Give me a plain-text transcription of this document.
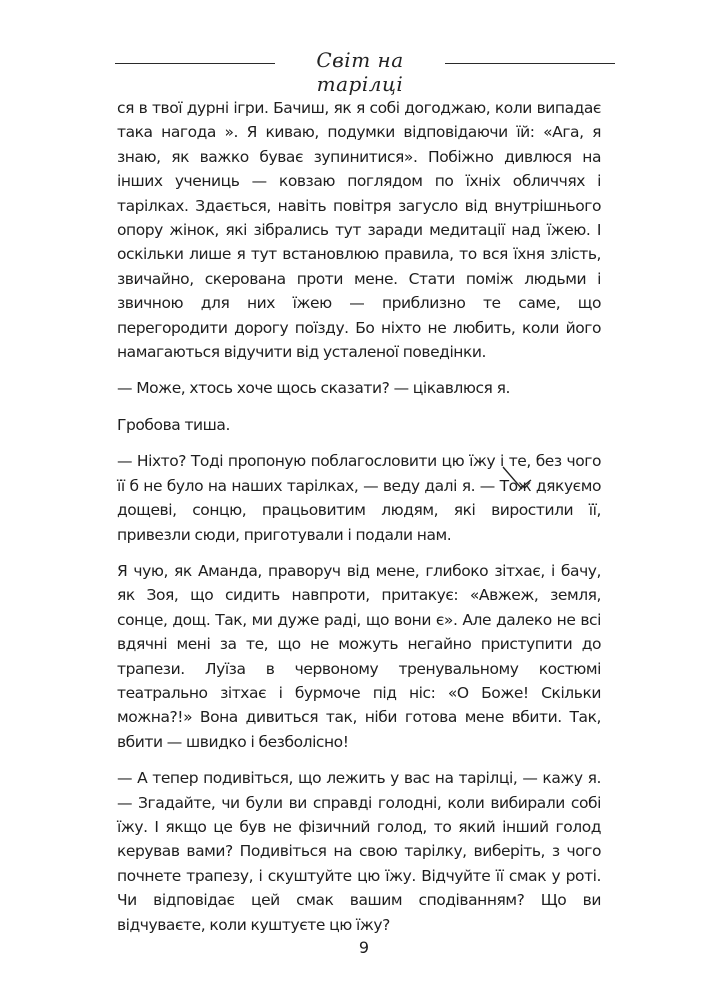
Світ на тарілці

ся в твої дурні ігри. Бачиш, як я собі догоджаю, коли випадає така нагода ». Я киваю, подумки відповідаючи їй: «Ага, я знаю, як важко буває зупинитися». Побіжно дивлюся на інших учениць — ковзаю поглядом по їхніх обличчях і тарілках. Здається, навіть повітря загусло від внутрішнього опору жінок, які зібрались тут заради медитації над їжею. І оскільки лише я тут встановлюю правила, то вся їхня злість, звичайно, скерована проти мене. Стати поміж людьми і звичною для них їжею — приблизно те саме, що перегородити дорогу поїзду. Бо ніхто не любить, коли його намагаються відучити від усталеної поведінки.

— Може, хтось хоче щось сказати? — цікавлюся я.

Гробова тиша.

— Ніхто? Тоді пропоную поблагословити цю їжу і те, без чого її б не було на наших тарілках, — веду далі я. — Тож дякуємо дощеві, сонцю, працьовитим людям, які виростили її, привезли сюди, приготували і подали нам.

Я чую, як Аманда, праворуч від мене, глибоко зітхає, і бачу, як Зоя, що сидить навпроти, притакує: «Авжеж, земля, сонце, дощ. Так, ми дуже раді, що вони є». Але далеко не всі вдячні мені за те, що не можуть негайно приступити до трапези. Луїза в червоному тренувальному костюмі театрально зітхає і бурмоче під ніс: «О Боже! Скільки можна?!» Вона дивиться так, ніби готова мене вбити. Так, вбити — швидко і безболісно!

— А тепер подивіться, що лежить у вас на тарілці, — кажу я. — Згадайте, чи були ви справді голодні, коли вибирали собі їжу. І якщо це був не фізичний голод, то який інший голод керував вами? Подивіться на свою тарілку, виберіть, з чого почнете трапезу, і скуштуйте цю їжу. Відчуйте її смак у роті. Чи відповідає цей смак вашим сподіванням? Що ви відчуваєте, коли куштуєте цю їжу?

9
